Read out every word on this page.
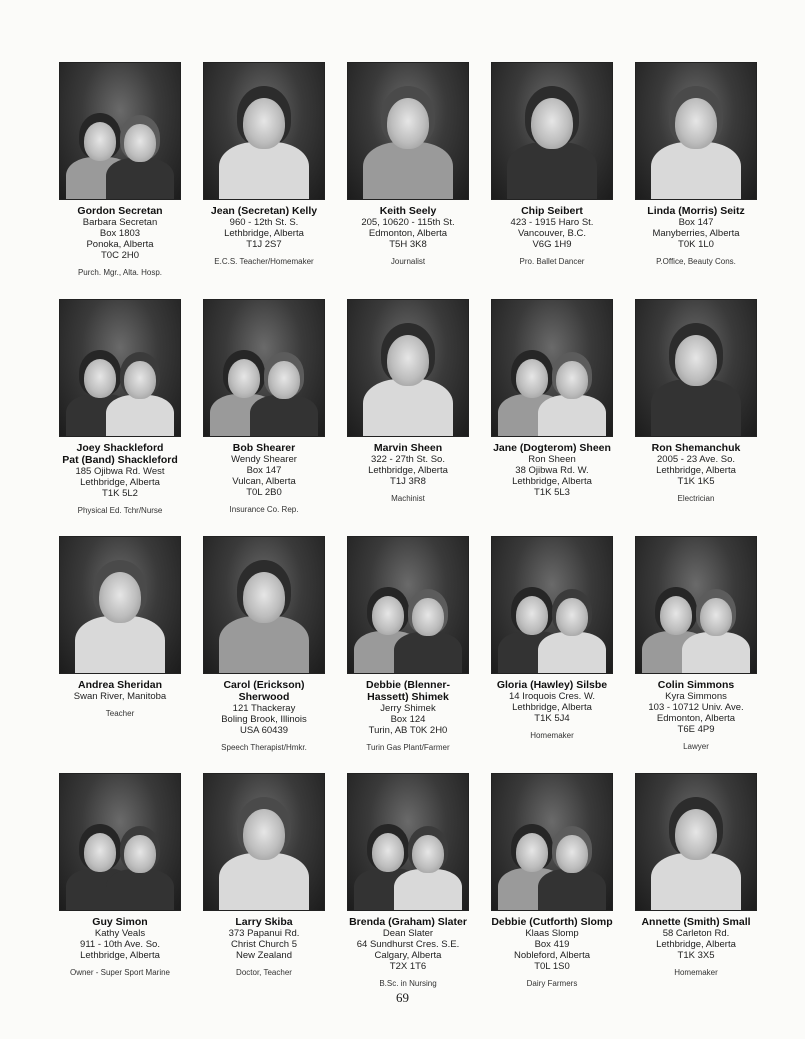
Gordon Secretan
Barbara Secretan
Box 1803
Ponoka, Alberta
T0C 2H0
Purch. Mgr., Alta. Hosp.
Jean (Secretan) Kelly
960 - 12th St. S.
Lethbridge, Alberta
T1J 2S7
E.C.S. Teacher/Homemaker
Keith Seely
205, 10620 - 115th St.
Edmonton, Alberta
T5H 3K8
Journalist
Chip Seibert
423 - 1915 Haro St.
Vancouver, B.C.
V6G 1H9
Pro. Ballet Dancer
Linda (Morris) Seitz
Box 147
Manyberries, Alberta
T0K 1L0
P.Office, Beauty Cons.
Joey Shackleford
Pat (Band) Shackleford
185 Ojibwa Rd. West
Lethbridge, Alberta
T1K 5L2
Physical Ed. Tchr/Nurse
Bob Shearer
Wendy Shearer
Box 147
Vulcan, Alberta
T0L 2B0
Insurance Co. Rep.
Marvin Sheen
322 - 27th St. So.
Lethbridge, Alberta
T1J 3R8
Machinist
Jane (Dogterom) Sheen
Ron Sheen
38 Ojibwa Rd. W.
Lethbridge, Alberta
T1K 5L3
Ron Shemanchuk
2005 - 23 Ave. So.
Lethbridge, Alberta
T1K 1K5
Electrician
Andrea Sheridan
Swan River, Manitoba
Teacher
Carol (Erickson)
Sherwood
121 Thackeray
Boling Brook, Illinois
USA 60439
Speech Therapist/Hmkr.
Debbie (Blenner-
Hassett) Shimek
Jerry Shimek
Box 124
Turin, AB T0K 2H0
Turin Gas Plant/Farmer
Gloria (Hawley) Silsbe
14 Iroquois Cres. W.
Lethbridge, Alberta
T1K 5J4
Homemaker
Colin Simmons
Kyra Simmons
103 - 10712 Univ. Ave.
Edmonton, Alberta
T6E 4P9
Lawyer
Guy Simon
Kathy Veals
911 - 10th Ave. So.
Lethbridge, Alberta
Owner - Super Sport Marine
Larry Skiba
373 Papanui Rd.
Christ Church 5
New Zealand
Doctor, Teacher
Brenda (Graham) Slater
Dean Slater
64 Sundhurst Cres. S.E.
Calgary, Alberta
T2X 1T6
B.Sc. in Nursing
Debbie (Cutforth) Slomp
Klaas Slomp
Box 419
Nobleford, Alberta
T0L 1S0
Dairy Farmers
Annette (Smith) Small
58 Carleton Rd.
Lethbridge, Alberta
T1K 3X5
Homemaker
69
